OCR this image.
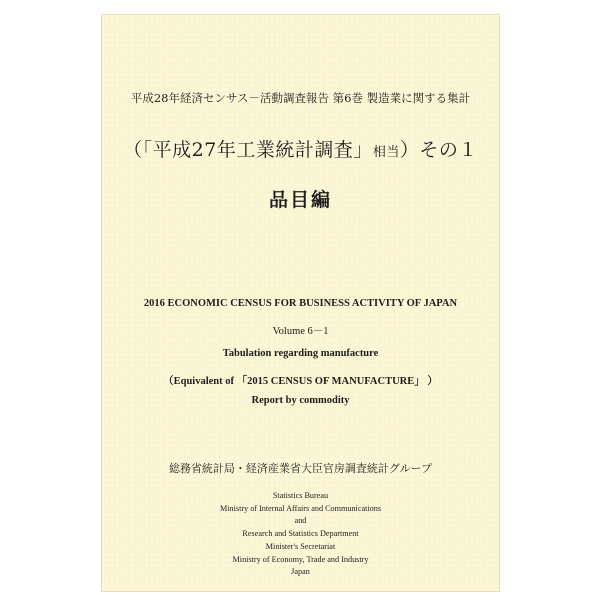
平成28年経済センサス－活動調査報告 第6巻 製造業に関する集計
（「平成27年工業統計調査」相当）その１
品目編
2016 ECONOMIC CENSUS FOR BUSINESS ACTIVITY OF JAPAN
Volume 6－1
Tabulation regarding manufacture
（Equivalent of 「2015 CENSUS OF MANUFACTURE」 ）
Report by commodity
総務省統計局・経済産業省大臣官房調査統計グループ
Statistics Bureau
Ministry of Internal Affairs and Communications
and
Research and Statistics Department
Minister's Secretariat
Ministry of Economy, Trade and Industry
Japan
